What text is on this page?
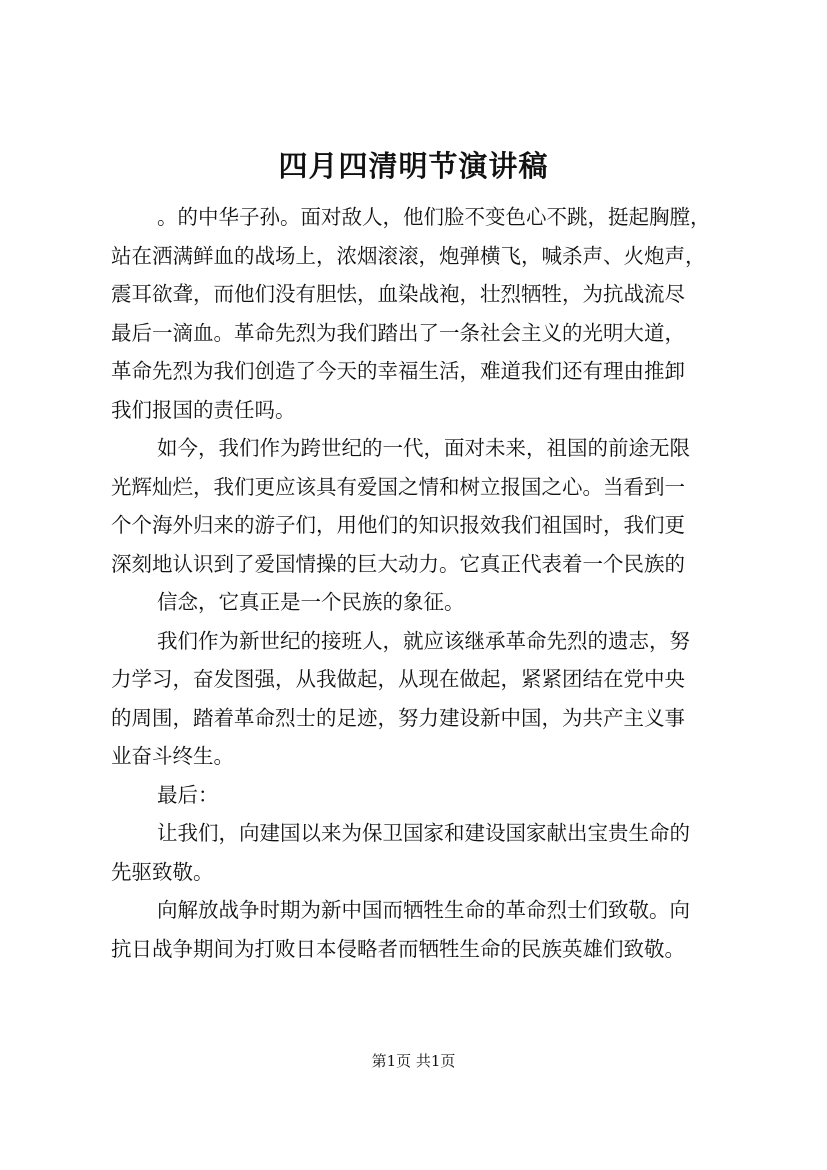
四月四清明节演讲稿
。的中华子孙。面对敌人，他们脸不变色心不跳，挺起胸膛，
站在洒满鲜血的战场上，浓烟滚滚，炮弹横飞，喊杀声、火炮声，
震耳欲聋，而他们没有胆怯，血染战袍，壮烈牺牲，为抗战流尽
最后一滴血。革命先烈为我们踏出了一条社会主义的光明大道，
革命先烈为我们创造了今天的幸福生活，难道我们还有理由推卸
我们报国的责任吗。
如今，我们作为跨世纪的一代，面对未来，祖国的前途无限
光辉灿烂，我们更应该具有爱国之情和树立报国之心。当看到一
个个海外归来的游子们，用他们的知识报效我们祖国时，我们更
深刻地认识到了爱国情操的巨大动力。它真正代表着一个民族的
信念，它真正是一个民族的象征。
我们作为新世纪的接班人，就应该继承革命先烈的遗志，努
力学习，奋发图强，从我做起，从现在做起，紧紧团结在党中央
的周围，踏着革命烈士的足迹，努力建设新中国，为共产主义事
业奋斗终生。
最后：
让我们，向建国以来为保卫国家和建设国家献出宝贵生命的
先驱致敬。
向解放战争时期为新中国而牺牲生命的革命烈士们致敬。向
抗日战争期间为打败日本侵略者而牺牲生命的民族英雄们致敬。
第1页 共1页
